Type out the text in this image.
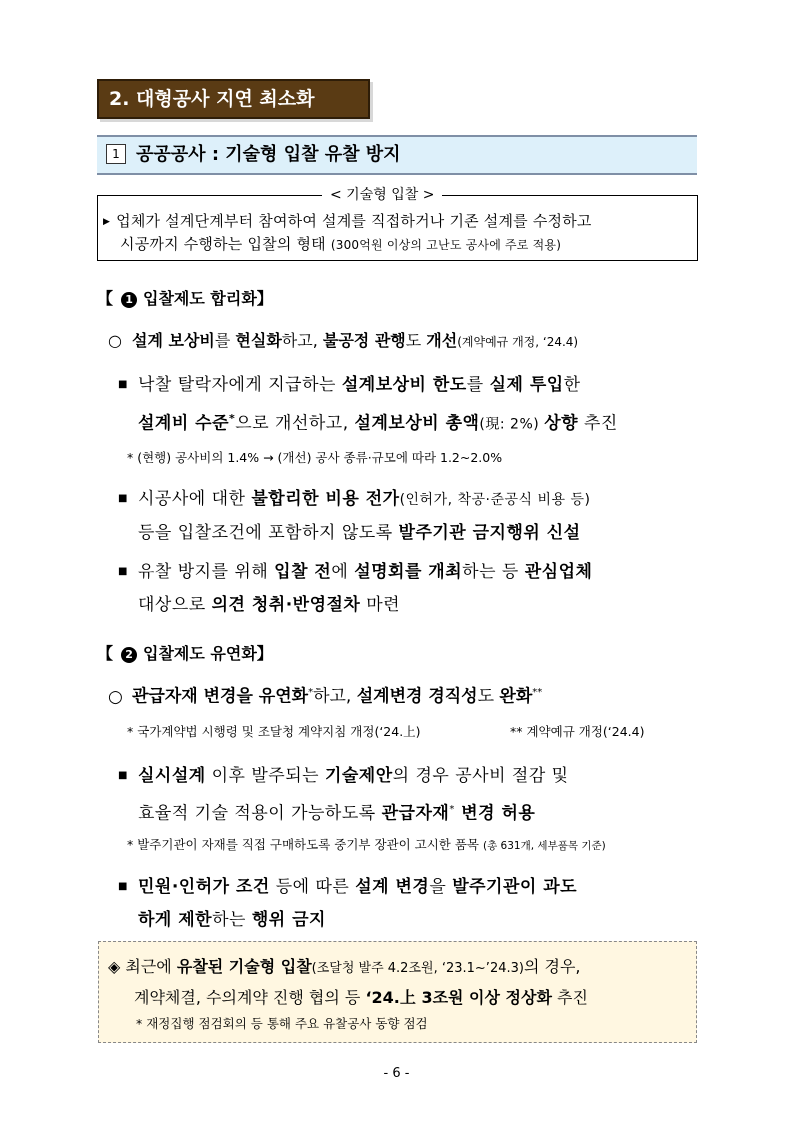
2. 대형공사 지연 최소화
1 공공공사 : 기술형 입찰 유찰 방지
< 기술형 입찰 >
▶ 업체가 설계단계부터 참여하여 설계를 직접하거나 기존 설계를 수정하고
시공까지 수행하는 입찰의 형태 (300억원 이상의 고난도 공사에 주로 적용)
【 1 입찰제도 합리화】
○ 설계 보상비를 현실화하고, 불공정 관행도 개선(계약예규 개정, ‘24.4)
■ 낙찰 탈락자에게 지급하는 설계보상비 한도를 실제 투입한
설계비 수준*으로 개선하고, 설계보상비 총액(現: 2%) 상향 추진
* (현행) 공사비의 1.4% → (개선) 공사 종류·규모에 따라 1.2~2.0%
■ 시공사에 대한 불합리한 비용 전가(인허가, 착공·준공식 비용 등)
등을 입찰조건에 포함하지 않도록 발주기관 금지행위 신설
■ 유찰 방지를 위해 입찰 전에 설명회를 개최하는 등 관심업체
대상으로 의견 청취·반영절차 마련
【 2 입찰제도 유연화】
○ 관급자재 변경을 유연화*하고, 설계변경 경직성도 완화**
* 국가계약법 시행령 및 조달청 계약지침 개정(‘24.上)	** 계약예규 개정(‘24.4)
■ 실시설계 이후 발주되는 기술제안의 경우 공사비 절감 및
효율적 기술 적용이 가능하도록 관급자재* 변경 허용
* 발주기관이 자재를 직접 구매하도록 중기부 장관이 고시한 품목 (총 631개, 세부품목 기준)
■ 민원·인허가 조건 등에 따른 설계 변경을 발주기관이 과도
하게 제한하는 행위 금지
◈ 최근에 유찰된 기술형 입찰(조달청 발주 4.2조원, ‘23.1~’24.3)의 경우,
계약체결, 수의계약 진행 협의 등 ‘24.上 3조원 이상 정상화 추진
* 재정집행 점검회의 등 통해 주요 유찰공사 동향 점검
- 6 -
